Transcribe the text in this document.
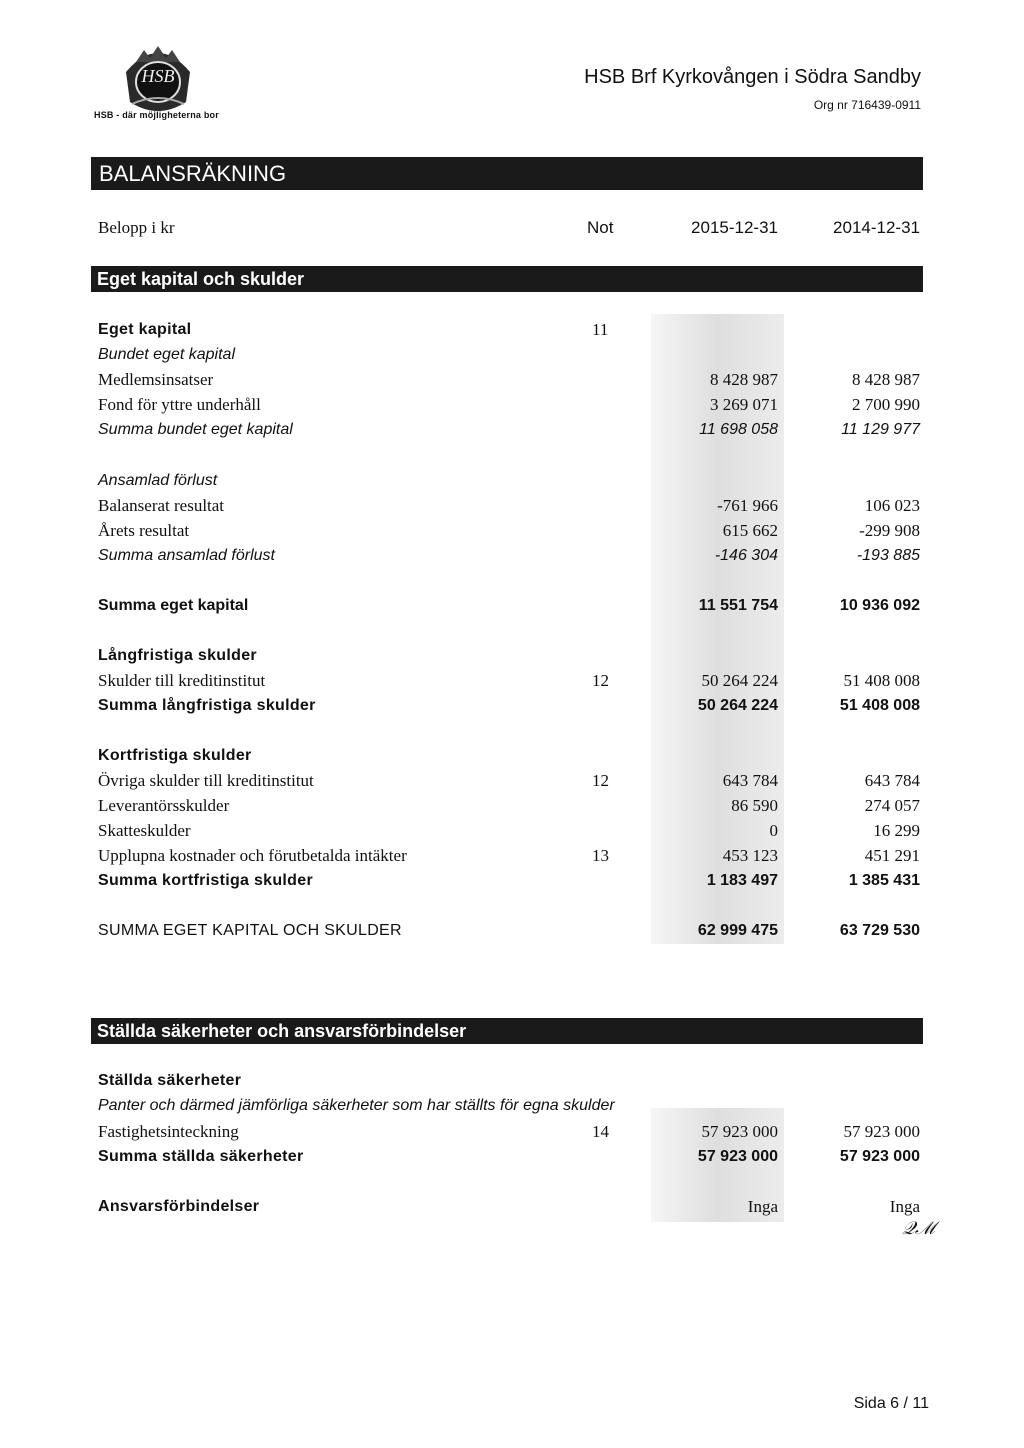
HSB
HSB - där möjligheterna bor
HSB Brf Kyrkovången i Södra Sandby
Org nr 716439-0911
BALANSRÄKNING
Belopp i kr	Not	2015-12-31	2014-12-31
Eget kapital och skulder
Eget kapital	11
Bundet eget kapital
Medlemsinsatser	8 428 987	8 428 987
Fond för yttre underhåll	3 269 071	2 700 990
Summa bundet eget kapital	11 698 058	11 129 977
Ansamlad förlust
Balanserat resultat	-761 966	106 023
Årets resultat	615 662	-299 908
Summa ansamlad förlust	-146 304	-193 885
Summa eget kapital	11 551 754	10 936 092
Långfristiga skulder
Skulder till kreditinstitut	12	50 264 224	51 408 008
Summa långfristiga skulder	50 264 224	51 408 008
Kortfristiga skulder
Övriga skulder till kreditinstitut	12	643 784	643 784
Leverantörsskulder	86 590	274 057
Skatteskulder	0	16 299
Upplupna kostnader och förutbetalda intäkter	13	453 123	451 291
Summa kortfristiga skulder	1 183 497	1 385 431
SUMMA EGET KAPITAL OCH SKULDER	62 999 475	63 729 530
Ställda säkerheter och ansvarsförbindelser
Ställda säkerheter
Panter och därmed jämförliga säkerheter som har ställts för egna skulder
Fastighetsinteckning	14	57 923 000	57 923 000
Summa ställda säkerheter	57 923 000	57 923 000
Ansvarsförbindelser	Inga	Inga
𝒬ℳ
Sida 6 / 11
